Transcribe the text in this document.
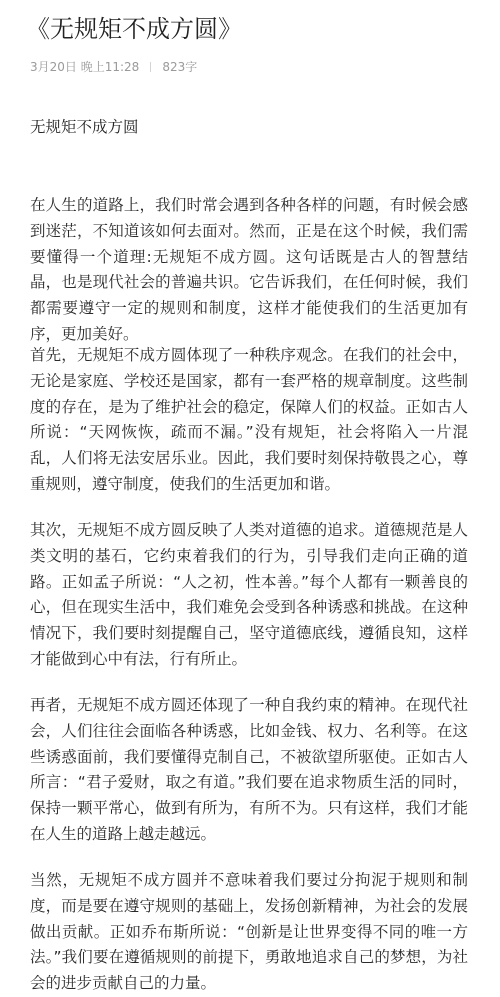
《无规矩不成方圆》
3月20日 晚上11:28 823字
无规矩不成方圆

在人生的道路上，我们时常会遇到各种各样的问题，有时候会感到迷茫，不知道该如何去面对。然而，正是在这个时候，我们需要懂得一个道理:无规矩不成方圆。这句话既是古人的智慧结晶，也是现代社会的普遍共识。它告诉我们，在任何时候，我们都需要遵守一定的规则和制度，这样才能使我们的生活更加有序，更加美好。

首先，无规矩不成方圆体现了一种秩序观念。在我们的社会中，无论是家庭、学校还是国家，都有一套严格的规章制度。这些制度的存在，是为了维护社会的稳定，保障人们的权益。正如古人所说：“天网恢恢，疏而不漏。”没有规矩，社会将陷入一片混乱，人们将无法安居乐业。因此，我们要时刻保持敬畏之心，尊重规则，遵守制度，使我们的生活更加和谐。

其次，无规矩不成方圆反映了人类对道德的追求。道德规范是人类文明的基石，它约束着我们的行为，引导我们走向正确的道路。正如孟子所说：“人之初，性本善。”每个人都有一颗善良的心，但在现实生活中，我们难免会受到各种诱惑和挑战。在这种情况下，我们要时刻提醒自己，坚守道德底线，遵循良知，这样才能做到心中有法，行有所止。

再者，无规矩不成方圆还体现了一种自我约束的精神。在现代社会，人们往往会面临各种诱惑，比如金钱、权力、名利等。在这些诱惑面前，我们要懂得克制自己，不被欲望所驱使。正如古人所言：“君子爱财，取之有道。”我们要在追求物质生活的同时，保持一颗平常心，做到有所为，有所不为。只有这样，我们才能在人生的道路上越走越远。

当然，无规矩不成方圆并不意味着我们要过分拘泥于规则和制度，而是要在遵守规则的基础上，发扬创新精神，为社会的发展做出贡献。正如乔布斯所说：“创新是让世界变得不同的唯一方法。”我们要在遵循规则的前提下，勇敢地追求自己的梦想，为社会的进步贡献自己的力量。
